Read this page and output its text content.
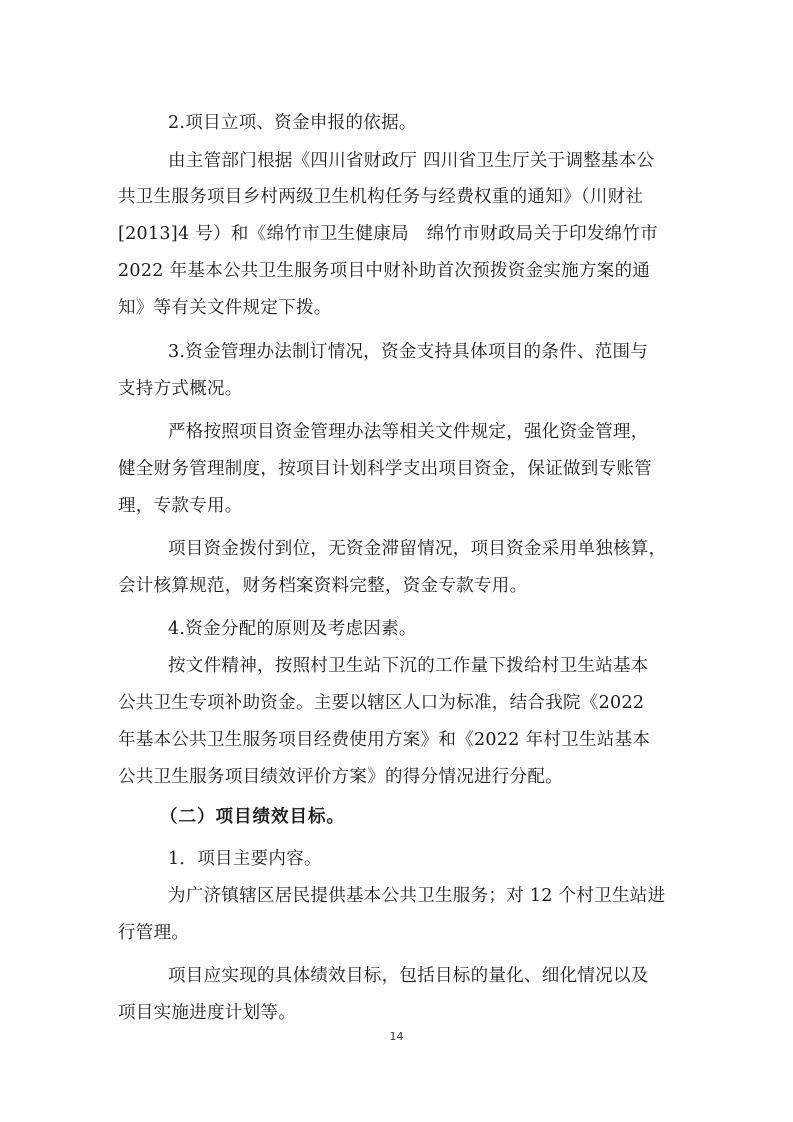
2.项目立项、资金申报的依据。
由主管部门根据《四川省财政厅 四川省卫生厅关于调整基本公
共卫生服务项目乡村两级卫生机构任务与经费权重的通知》（川财社
[2013]4 号）和《绵竹市卫生健康局　绵竹市财政局关于印发绵竹市
2022 年基本公共卫生服务项目中财补助首次预拨资金实施方案的通
知》等有关文件规定下拨。
3.资金管理办法制订情况，资金支持具体项目的条件、范围与
支持方式概况。
严格按照项目资金管理办法等相关文件规定，强化资金管理，
健全财务管理制度，按项目计划科学支出项目资金，保证做到专账管
理，专款专用。
项目资金拨付到位，无资金滞留情况，项目资金采用单独核算，
会计核算规范，财务档案资料完整，资金专款专用。
4.资金分配的原则及考虑因素。
按文件精神，按照村卫生站下沉的工作量下拨给村卫生站基本
公共卫生专项补助资金。主要以辖区人口为标准，结合我院《2022
年基本公共卫生服务项目经费使用方案》和《2022 年村卫生站基本
公共卫生服务项目绩效评价方案》的得分情况进行分配。
（二）项目绩效目标。
1．项目主要内容。
为广济镇辖区居民提供基本公共卫生服务；对 12 个村卫生站进
行管理。
项目应实现的具体绩效目标，包括目标的量化、细化情况以及
项目实施进度计划等。
14
